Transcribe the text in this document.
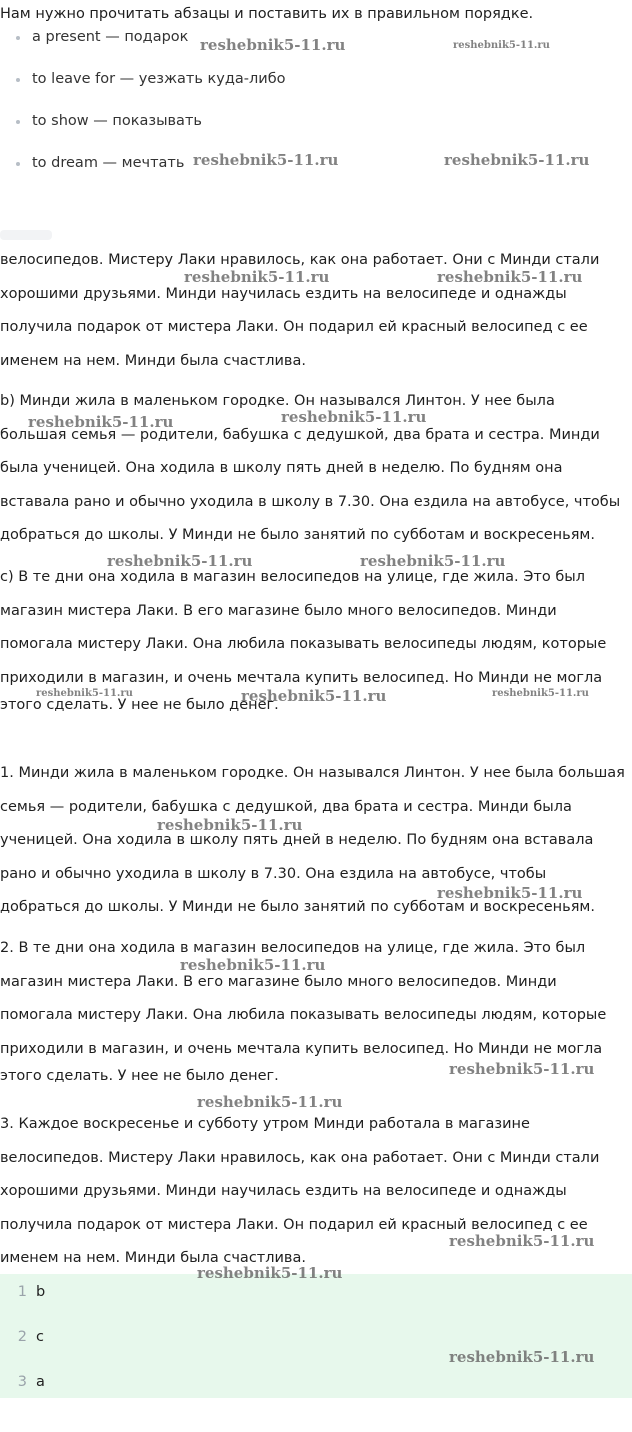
Нам нужно прочитать абзацы и поставить их в правильном порядке.

a present — подарок
to leave for — уезжать куда-либо
to show — показывать
to dream — мечтать
велосипедов. Мистеру Лаки нравилось, как она работает. Они с Минди стали
хорошими друзьями. Минди научилась ездить на велосипеде и однажды
получила подарок от мистера Лаки. Он подарил ей красный велосипед с ее
именем на нем. Минди была счастлива.
b) Минди жила в маленьком городке. Он назывался Линтон. У нее была
большая семья — родители, бабушка с дедушкой, два брата и сестра. Минди
была ученицей. Она ходила в школу пять дней в неделю. По будням она
вставала рано и обычно уходила в школу в 7.30. Она ездила на автобусе, чтобы
добраться до школы. У Минди не было занятий по субботам и воскресеньям.
c) В те дни она ходила в магазин велосипедов на улице, где жила. Это был
магазин мистера Лаки. В его магазине было много велосипедов. Минди
помогала мистеру Лаки. Она любила показывать велосипеды людям, которые
приходили в магазин, и очень мечтала купить велосипед. Но Минди не могла
этого сделать. У нее не было денег.
1. Минди жила в маленьком городке. Он назывался Линтон. У нее была большая
семья — родители, бабушка с дедушкой, два брата и сестра. Минди была
ученицей. Она ходила в школу пять дней в неделю. По будням она вставала
рано и обычно уходила в школу в 7.30. Она ездила на автобусе, чтобы
добраться до школы. У Минди не было занятий по субботам и воскресеньям.
2. В те дни она ходила в магазин велосипедов на улице, где жила. Это был
магазин мистера Лаки. В его магазине было много велосипедов. Минди
помогала мистеру Лаки. Она любила показывать велосипеды людям, которые
приходили в магазин, и очень мечтала купить велосипед. Но Минди не могла
этого сделать. У нее не было денег.
3. Каждое воскресенье и субботу утром Минди работала в магазине
велосипедов. Мистеру Лаки нравилось, как она работает. Они с Минди стали
хорошими друзьями. Минди научилась ездить на велосипеде и однажды
получила подарок от мистера Лаки. Он подарил ей красный велосипед с ее
именем на нем. Минди была счастлива.
1 b
2 c
3 a
reshebnik5-11.ru	reshebnik5-11.ru
reshebnik5-11.ru	reshebnik5-11.ru
reshebnik5-11.ru	reshebnik5-11.ru
reshebnik5-11.ru	reshebnik5-11.ru
reshebnik5-11.ru	reshebnik5-11.ru
reshebnik5-11.ru	reshebnik5-11.ru	reshebnik5-11.ru
reshebnik5-11.ru
reshebnik5-11.ru
reshebnik5-11.ru
reshebnik5-11.ru
reshebnik5-11.ru
reshebnik5-11.ru
reshebnik5-11.ru
reshebnik5-11.ru
